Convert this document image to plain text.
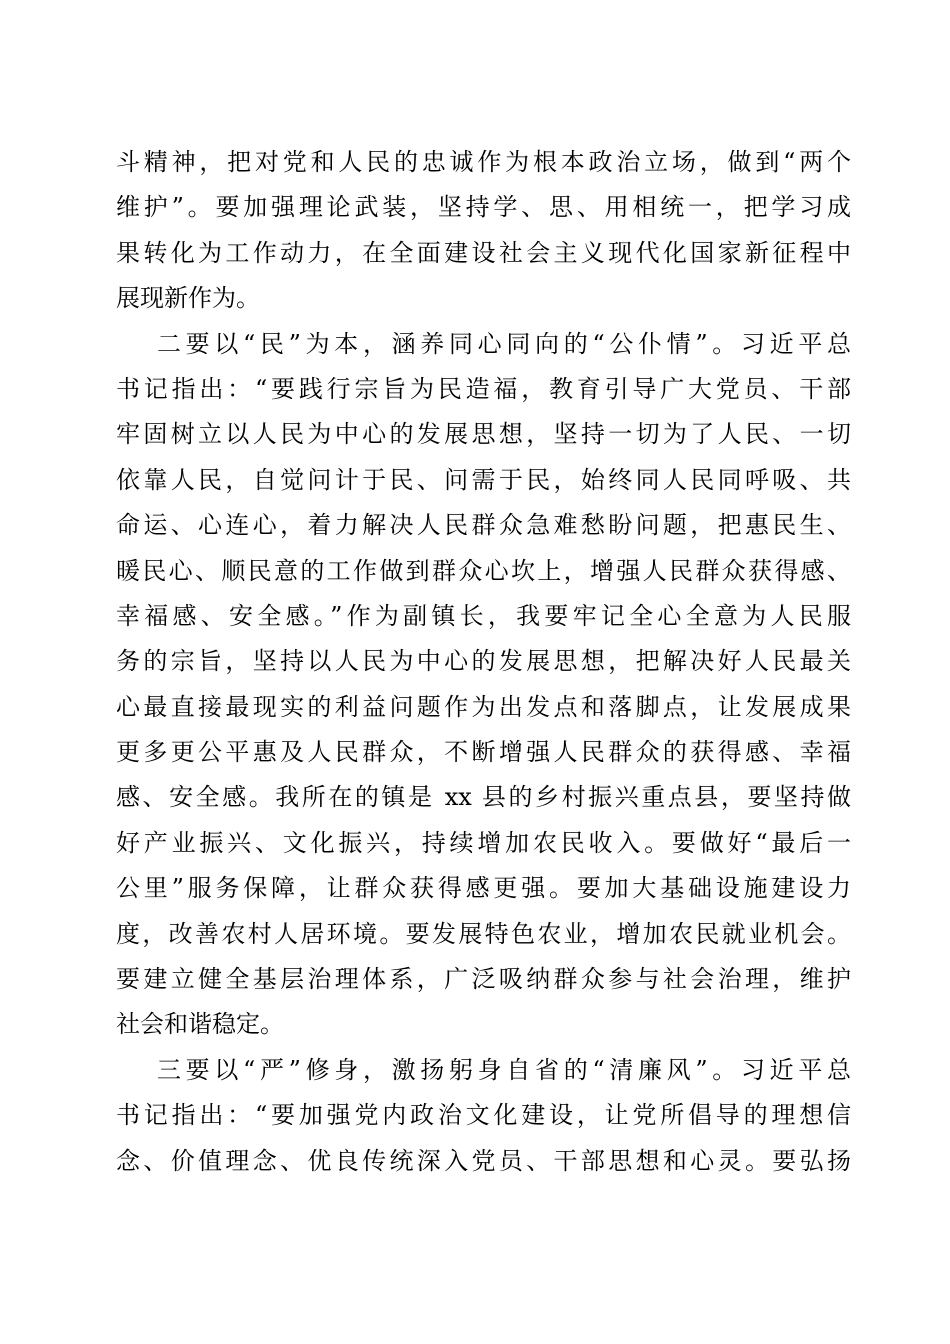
斗精神，把对党和人民的忠诚作为根本政治立场，做到“两个
维护”。要加强理论武装，坚持学、思、用相统一，把学习成
果转化为工作动力，在全面建设社会主义现代化国家新征程中
展现新作为。
二要以“民”为本，涵养同心同向的“公仆情”。习近平总
书记指出：“要践行宗旨为民造福，教育引导广大党员、干部
牢固树立以人民为中心的发展思想，坚持一切为了人民、一切
依靠人民，自觉问计于民、问需于民，始终同人民同呼吸、共
命运、心连心，着力解决人民群众急难愁盼问题，把惠民生、
暖民心、顺民意的工作做到群众心坎上，增强人民群众获得感、
幸福感、安全感。”作为副镇长，我要牢记全心全意为人民服
务的宗旨，坚持以人民为中心的发展思想，把解决好人民最关
心最直接最现实的利益问题作为出发点和落脚点，让发展成果
更多更公平惠及人民群众，不断增强人民群众的获得感、幸福
感、安全感。我所在的镇是 xx 县的乡村振兴重点县，要坚持做
好产业振兴、文化振兴，持续增加农民收入。要做好“最后一
公里”服务保障，让群众获得感更强。要加大基础设施建设力
度，改善农村人居环境。要发展特色农业，增加农民就业机会。
要建立健全基层治理体系，广泛吸纳群众参与社会治理，维护
社会和谐稳定。
三要以“严”修身，激扬躬身自省的“清廉风”。习近平总
书记指出：“要加强党内政治文化建设，让党所倡导的理想信
念、价值理念、优良传统深入党员、干部思想和心灵。要弘扬
